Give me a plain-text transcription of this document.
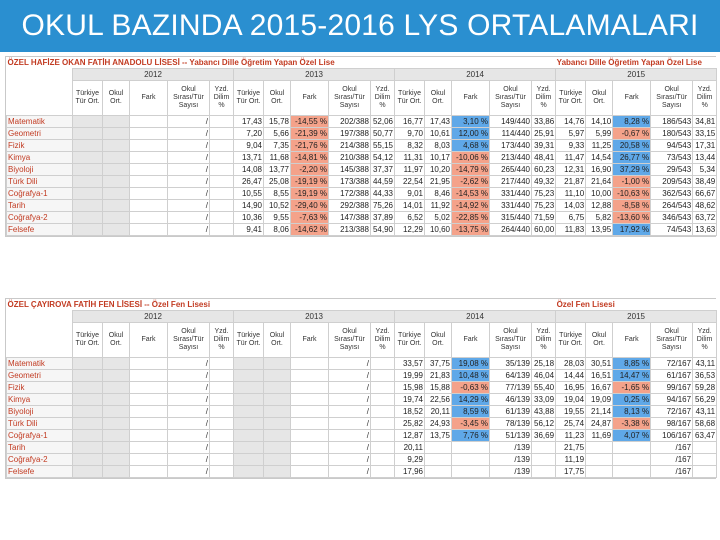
OKUL BAZINDA 2015-2016 LYS ORTALAMALARI
ÖZEL HAFİZE OKAN FATİH ANADOLU LİSESİ -- Yabancı Dille Öğretim Yapan Özel Lise																Yabancı Dille Öğretim Yapan Özel Lise				
	2012					2013					2014					2015				
	Türkiye Tür Ort.	Okul Ort.	Fark	Okul Sırası/Tür Sayısı	Yzd. Dilim %	Türkiye Tür Ort.	Okul Ort.	Fark	Okul Sırası/Tür Sayısı	Yzd. Dilim %	Türkiye Tür Ort.	Okul Ort.	Fark	Okul Sırası/Tür Sayısı	Yzd. Dilim %	Türkiye Tür Ort.	Okul Ort.	Fark	Okul Sırası/Tür Sayısı	Yzd. Dilim %
Matematik				/		17,43	15,78	-14,55 %	202/388	52,06	16,77	17,43	3,10 %	149/440	33,86	14,76	14,10	8,28 %	186/543	34,81
Geometri				/		7,20	5,66	-21,39 %	197/388	50,77	9,70	10,61	12,00 %	114/440	25,91	5,97	5,99	-0,67 %	180/543	33,15
Fizik				/		9,04	7,35	-21,76 %	214/388	55,15	8,32	8,03	4,68 %	173/440	39,31	9,33	11,25	20,58 %	94/543	17,31
Kimya				/		13,71	11,68	-14,81 %	210/388	54,12	11,31	10,17	-10,06 %	213/440	48,41	11,47	14,54	26,77 %	73/543	13,44
Biyoloji				/		14,08	13,77	-2,20 %	145/388	37,37	11,97	10,20	-14,79 %	265/440	60,23	12,31	16,90	37,29 %	29/543	5,34
Türk Dili				/		26,47	25,08	-19,19 %	173/388	44,59	22,54	21,95	-2,62 %	217/440	49,32	21,87	21,64	-1,00 %	209/543	38,49
Coğrafya-1				/		10,55	8,55	-19,19 %	172/388	44,33	9,01	8,46	-14,53 %	331/440	75,23	11,10	10,00	-10,63 %	362/543	66,67
Tarih				/		14,90	10,52	-29,40 %	292/388	75,26	14,01	11,92	-14,92 %	331/440	75,23	14,03	12,88	-8,58 %	264/543	48,62
Coğrafya-2				/		10,36	9,55	-7,63 %	147/388	37,89	6,52	5,02	-22,85 %	315/440	71,59	6,75	5,82	-13,60 %	346/543	63,72
Felsefe				/		9,41	8,06	-14,62 %	213/388	54,90	12,29	10,60	-13,75 %	264/440	60,00	11,83	13,95	17,92 %	74/543	13,63
ÖZEL ÇAYIROVA FATİH FEN LİSESİ -- Özel Fen Lisesi																Özel Fen Lisesi				
	2012					2013					2014					2015				
	Türkiye Tür Ort.	Okul Ort.	Fark	Okul Sırası/Tür Sayısı	Yzd. Dilim %	Türkiye Tür Ort.	Okul Ort.	Fark	Okul Sırası/Tür Sayısı	Yzd. Dilim %	Türkiye Tür Ort.	Okul Ort.	Fark	Okul Sırası/Tür Sayısı	Yzd. Dilim %	Türkiye Tür Ort.	Okul Ort.	Fark	Okul Sırası/Tür Sayısı	Yzd. Dilim %
Matematik				/					/		33,57	37,75	19,08 %	35/139	25,18	28,03	30,51	8,85 %	72/167	43,11
Geometri				/					/		19,99	21,83	10,48 %	64/139	46,04	14,44	16,51	14,47 %	61/167	36,53
Fizik				/					/		15,98	15,88	-0,63 %	77/139	55,40	16,95	16,67	-1,65 %	99/167	59,28
Kimya				/					/		19,74	22,56	14,29 %	46/139	33,09	19,04	19,09	0,25 %	94/167	56,29
Biyoloji				/					/		18,52	20,11	8,59 %	61/139	43,88	19,55	21,14	8,13 %	72/167	43,11
Türk Dili				/					/		25,82	24,93	-3,45 %	78/139	56,12	25,74	24,87	-3,38 %	98/167	58,68
Coğrafya-1				/					/		12,87	13,75	7,76 %	51/139	36,69	11,23	11,69	4,07 %	106/167	63,47
Tarih				/					/		20,11			/139		21,75			/167	
Coğrafya-2				/					/		9,29			/139		11,19			/167	
Felsefe				/					/		17,96			/139		17,75			/167	
